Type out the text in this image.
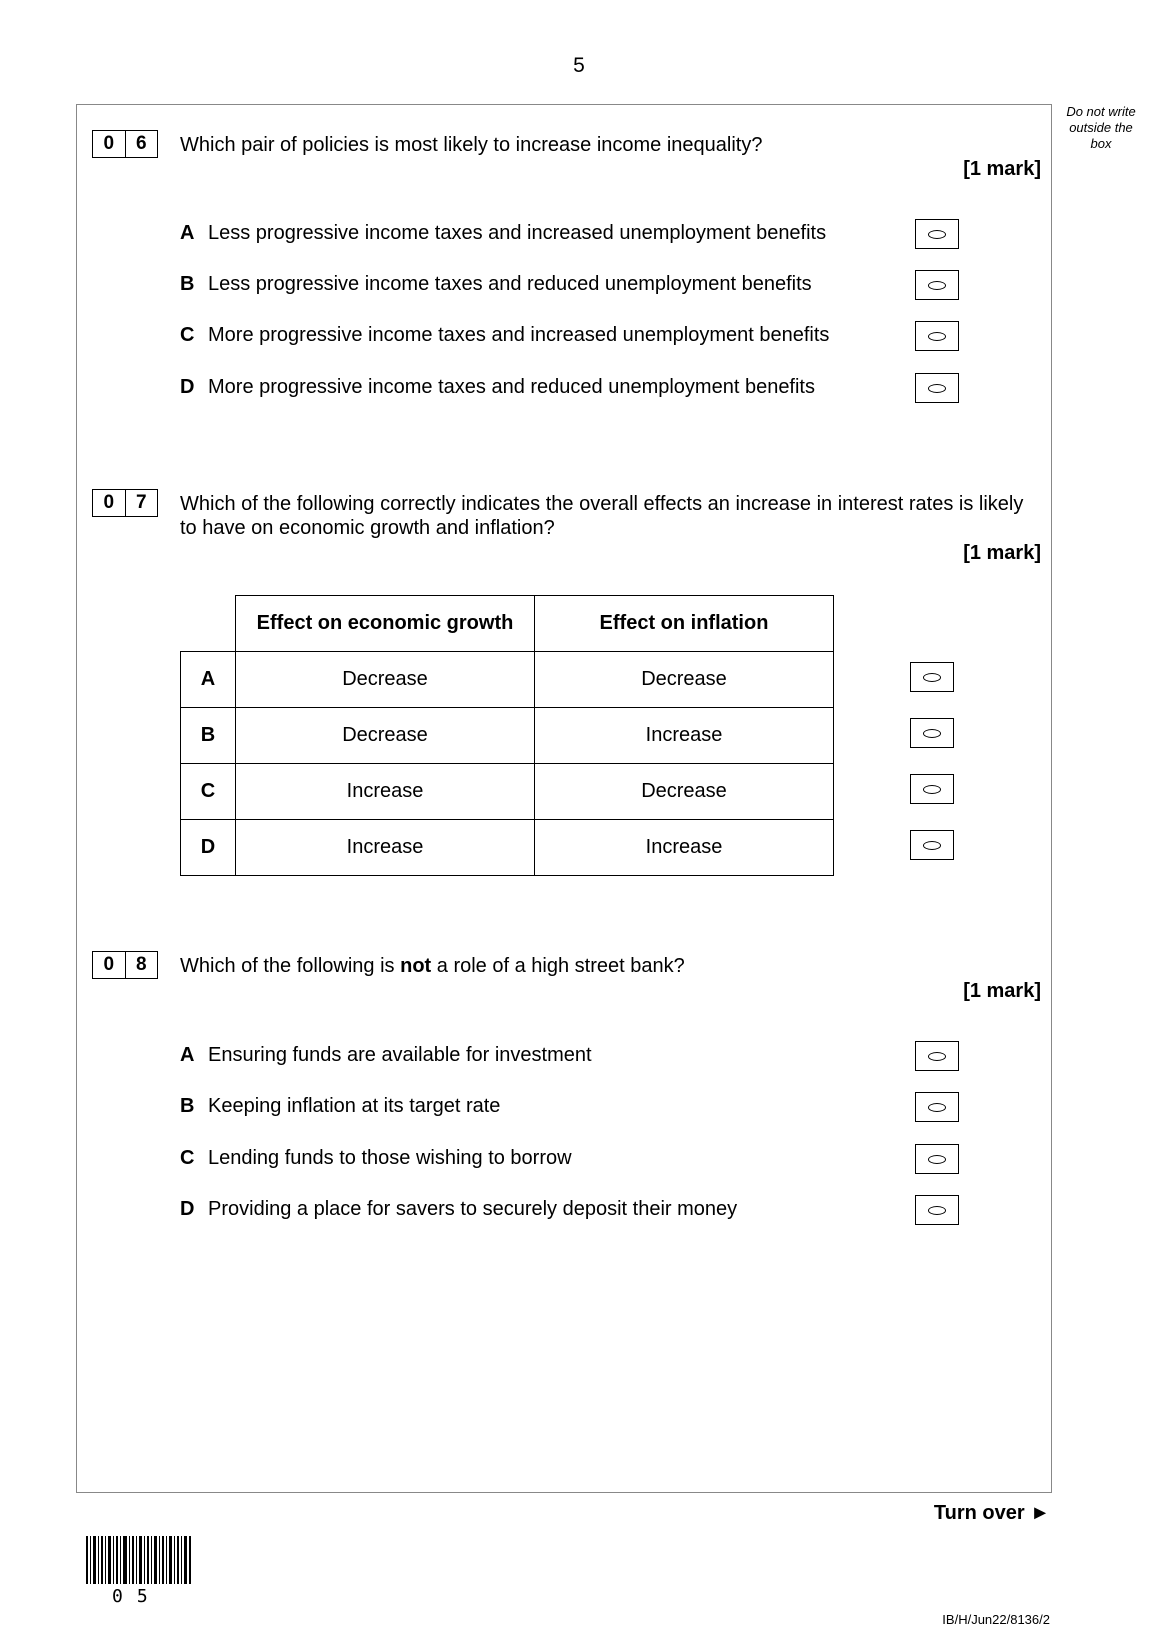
5
Do not write outside the box
0	6	Which pair of policies is most likely to increase income inequality?
[1 mark]
A Less progressive income taxes and increased unemployment benefits
B Less progressive income taxes and reduced unemployment benefits
C More progressive income taxes and increased unemployment benefits
D More progressive income taxes and reduced unemployment benefits
0	7	Which of the following correctly indicates the overall effects an increase in interest rates is likely to have on economic growth and inflation?
[1 mark]
	Effect on economic growth	Effect on inflation
A	Decrease	Decrease
B	Decrease	Increase
C	Increase	Decrease
D	Increase	Increase
0	8	Which of the following is not a role of a high street bank?
[1 mark]
A Ensuring funds are available for investment
B Keeping inflation at its target rate
C Lending funds to those wishing to borrow
D Providing a place for savers to securely deposit their money
Turn over ►
05
IB/H/Jun22/8136/2
